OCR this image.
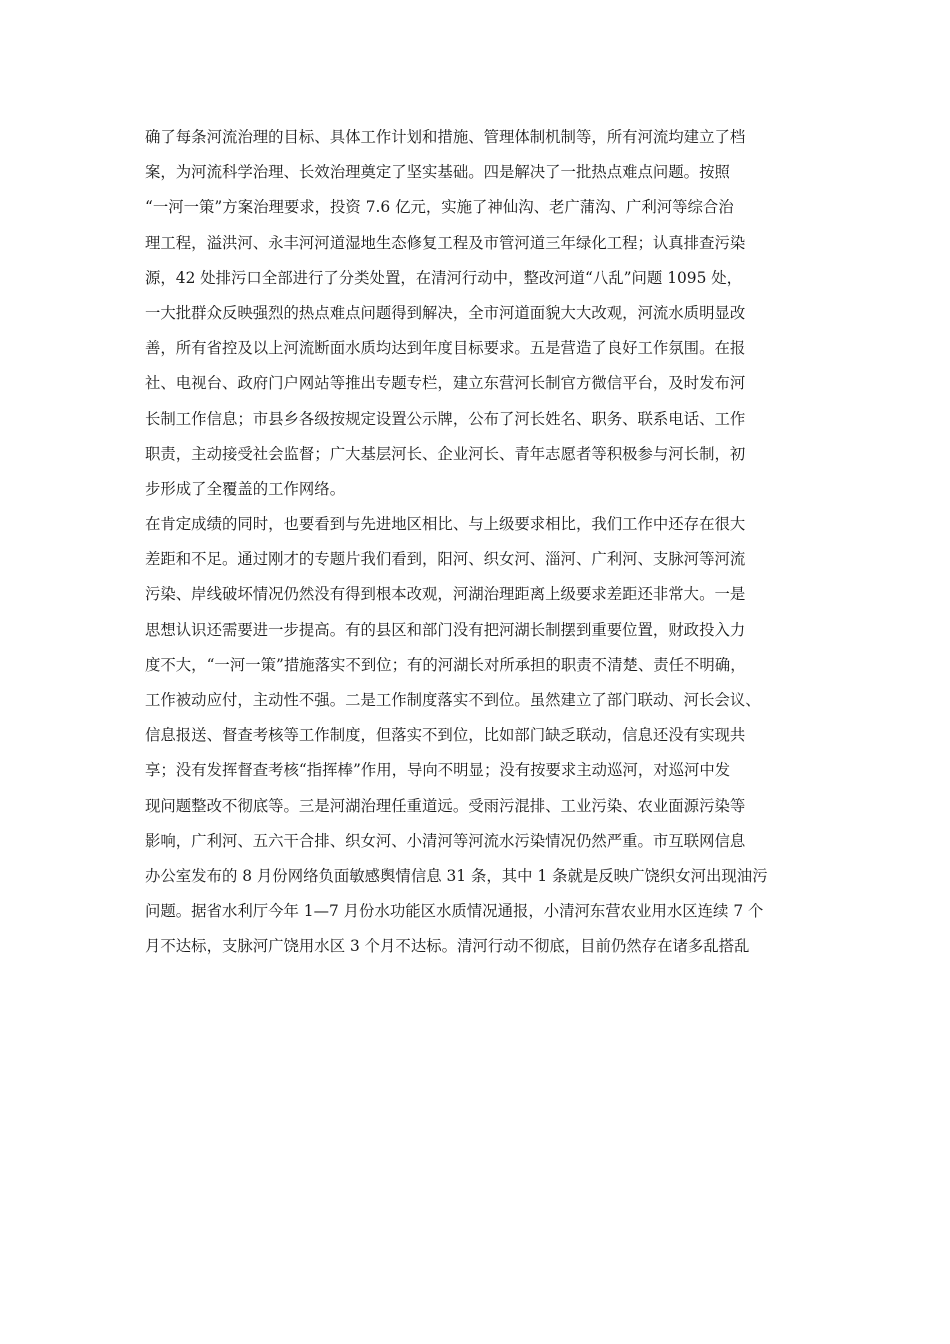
确了每条河流治理的目标、具体工作计划和措施、管理体制机制等，所有河流均建立了档
案，为河流科学治理、长效治理奠定了坚实基础。四是解决了一批热点难点问题。按照
“一河一策”方案治理要求，投资 7.6 亿元，实施了神仙沟、老广蒲沟、广利河等综合治
理工程，溢洪河、永丰河河道湿地生态修复工程及市管河道三年绿化工程；认真排查污染
源，42 处排污口全部进行了分类处置，在清河行动中，整改河道“八乱”问题 1095 处，
一大批群众反映强烈的热点难点问题得到解决，全市河道面貌大大改观，河流水质明显改
善，所有省控及以上河流断面水质均达到年度目标要求。五是营造了良好工作氛围。在报
社、电视台、政府门户网站等推出专题专栏，建立东营河长制官方微信平台，及时发布河
长制工作信息；市县乡各级按规定设置公示牌，公布了河长姓名、职务、联系电话、工作
职责，主动接受社会监督；广大基层河长、企业河长、青年志愿者等积极参与河长制，初
步形成了全覆盖的工作网络。
在肯定成绩的同时，也要看到与先进地区相比、与上级要求相比，我们工作中还存在很大
差距和不足。通过刚才的专题片我们看到，阳河、织女河、淄河、广利河、支脉河等河流
污染、岸线破坏情况仍然没有得到根本改观，河湖治理距离上级要求差距还非常大。一是
思想认识还需要进一步提高。有的县区和部门没有把河湖长制摆到重要位置，财政投入力
度不大，“一河一策”措施落实不到位；有的河湖长对所承担的职责不清楚、责任不明确，
工作被动应付，主动性不强。二是工作制度落实不到位。虽然建立了部门联动、河长会议、
信息报送、督查考核等工作制度，但落实不到位，比如部门缺乏联动，信息还没有实现共
享；没有发挥督查考核“指挥棒”作用，导向不明显；没有按要求主动巡河，对巡河中发
现问题整改不彻底等。三是河湖治理任重道远。受雨污混排、工业污染、农业面源污染等
影响，广利河、五六干合排、织女河、小清河等河流水污染情况仍然严重。市互联网信息
办公室发布的 8 月份网络负面敏感舆情信息 31 条，其中 1 条就是反映广饶织女河出现油污
问题。据省水利厅今年 1—7 月份水功能区水质情况通报，小清河东营农业用水区连续 7 个
月不达标，支脉河广饶用水区 3 个月不达标。清河行动不彻底，目前仍然存在诸多乱搭乱
